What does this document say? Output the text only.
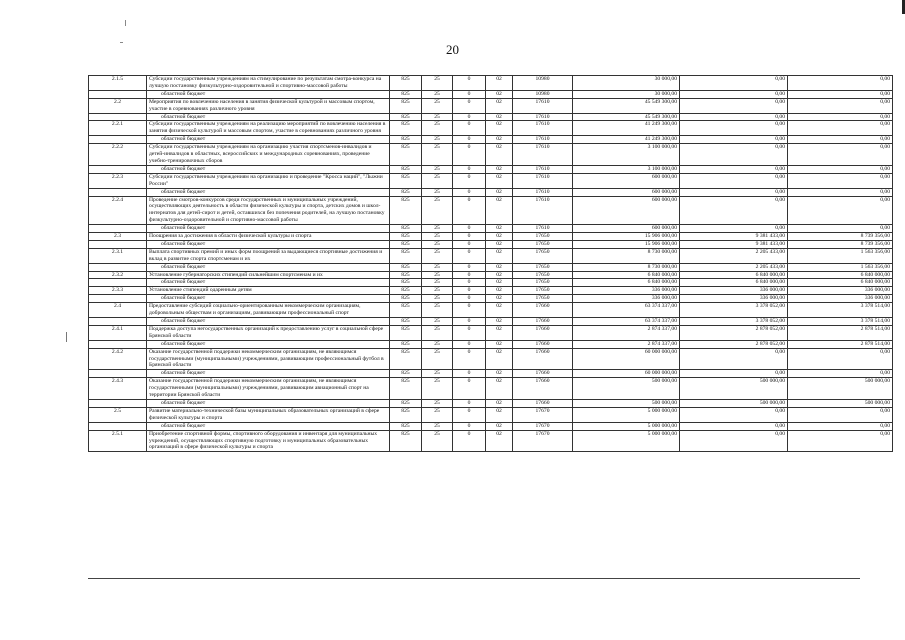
20
2.1.5	Субсидии государственным учреждениям на стимулирование по результатам смотра-конкурса на лучшую постановку физкультурно-оздоровительной и спортивно-массовой работы	825	25	0	02	10980	30 000,00	0,00	0,00
	областной бюджет	825	25	0	02	10980	30 000,00	0,00	0,00
2.2	Мероприятия по вовлечению населения в занятия физической культурой и массовым спортом, участие в соревнованиях различного уровня	825	25	0	02	17610	45 549 300,00	0,00	0,00
	областной бюджет	825	25	0	02	17610	45 549 300,00	0,00	0,00
2.2.1	Субсидии государственным учреждениям на реализацию мероприятий по вовлечению населения в занятия физической культурой и массовым спортом, участие в соревнованиях различного уровня	825	25	0	02	17610	41 249 300,00	0,00	0,00
	областной бюджет	825	25	0	02	17610	41 249 300,00	0,00	0,00
2.2.2	Субсидии государственным учреждениям на организацию участия спортсменов-инвалидов и детей-инвалидов в областных, всероссийских и международных соревнованиях, проведение учебно-тренировочных сборов	825	25	0	02	17610	3 100 000,00	0,00	0,00
	областной бюджет	825	25	0	02	17610	3 100 000,00	0,00	0,00
2.2.3	Субсидии государственным учреждениям на организацию и проведение "Кросса наций", "Лыжни России"	825	25	0	02	17610	600 000,00	0,00	0,00
	областной бюджет	825	25	0	02	17610	600 000,00	0,00	0,00
2.2.4	Проведение смотров-конкурсов среди государственных и муниципальных учреждений, осуществляющих деятельность в области физической культуры и спорта, детских домов и школ-интернатов для детей-сирот и детей, оставшихся без попечения родителей, на лучшую постановку физкультурно-оздоровительной и спортивно-массовой работы	825	25	0	02	17610	600 000,00	0,00	0,00
	областной бюджет	825	25	0	02	17610	600 000,00	0,00	0,00
2.3	Поощрения за достижения в области физической культуры и спорта	825	25	0	02	17650	15 906 000,00	9 381 433,00	8 739 356,00
	областной бюджет	825	25	0	02	17650	15 906 000,00	9 381 433,00	8 739 356,00
2.3.1	Выплата спортивных премий и иных форм поощрений за выдающиеся спортивные достижения и вклад в развитие спорта спортсменам и их	825	25	0	02	17650	8 730 000,00	2 205 433,00	1 563 356,00
	областной бюджет	825	25	0	02	17650	8 730 000,00	2 205 433,00	1 563 356,00
2.3.2	Установление губернаторских стипендий сильнейшим спортсменам и их	825	25	0	02	17650	6 840 000,00	6 840 000,00	6 840 000,00
	областной бюджет	825	25	0	02	17650	6 840 000,00	6 840 000,00	6 840 000,00
2.3.3	Установление стипендий одаренным детям	825	25	0	02	17650	336 000,00	336 000,00	336 000,00
	областной бюджет	825	25	0	02	17650	336 000,00	336 000,00	336 000,00
2.4	Предоставление субсидий социально-ориентированным некоммерческим организациям, добровольным обществам и организациям, развивающим профессиональный спорт	825	25	0	02	17660	63 374 337,00	3 378 052,00	3 378 514,00
	областной бюджет	825	25	0	02	17660	63 374 337,00	3 378 052,00	3 378 514,00
2.4.1	Поддержка доступа негосударственных организаций к предоставлению услуг в социальной сфере Брянской области	825	25	0	02	17660	2 874 337,00	2 878 052,00	2 878 514,00
	областной бюджет	825	25	0	02	17660	2 874 337,00	2 878 052,00	2 878 514,00
2.4.2	Оказание государственной поддержки некоммерческим организациям, не являющимся государственными (муниципальными) учреждениями, развивающим профессиональный футбол в Брянской области	825	25	0	02	17660	60 000 000,00	0,00	0,00
	областной бюджет	825	25	0	02	17660	60 000 000,00	0,00	0,00
2.4.3	Оказание государственной поддержки некоммерческим организациям, не являющимся государственными (муниципальными) учреждениями, развивающим авиационный спорт на территории Брянской области	825	25	0	02	17660	500 000,00	500 000,00	500 000,00
	областной бюджет	825	25	0	02	17660	500 000,00	500 000,00	500 000,00
2.5	Развитие материально-технической базы муниципальных образовательных организаций в сфере физической культуры и спорта	825	25	0	02	17670	5 000 000,00	0,00	0,00
	областной бюджет	825	25	0	02	17670	5 000 000,00	0,00	0,00
2.5.1	Приобретение спортивной формы, спортивного оборудования и инвентаря для муниципальных учреждений, осуществляющих спортивную подготовку и муниципальных образовательных организаций в сфере физической культуры и спорта	825	25	0	02	17670	5 000 000,00	0,00	0,00
